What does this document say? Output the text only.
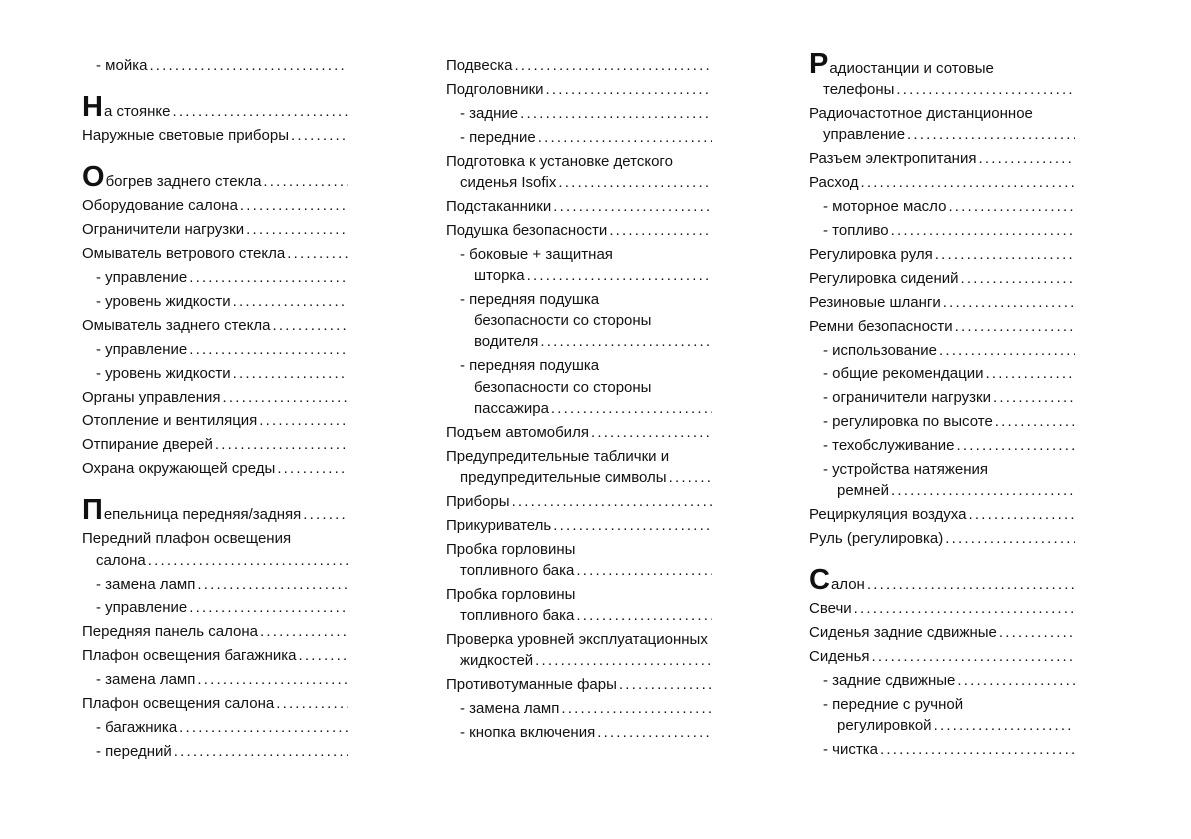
- мойка
.....
Н а стоянке
.....
Наружные световые приборы
.....
О богрев заднего стекла
.....
Оборудование салона
.....
Ограничители нагрузки
.....
Омыватель ветрового стекла
.....
- управление
.....
- уровень жидкости
.....
Омыватель заднего стекла
.....
- управление
.....
- уровень жидкости
.....
Органы управления
.....
Отопление и вентиляция
.....
Отпирание дверей
.....
Охрана окружающей среды
.....
П епельница передняя/задняя
.....
Передний плафон освещения
салона
.....
- замена ламп
.....
- управление
.....
Передняя панель салона
.....
Плафон освещения багажника
.....
- замена ламп
.....
Плафон освещения салона
.....
- багажника
.....
- передний
.....
Подвеска
.....
Подголовники
.....
- задние
.....
- передние
.....
Подготовка к установке детского
сиденья Isofix
.....
Подстаканники
.....
Подушка безопасности
.....
- боковые + защитная
шторка
.....
- передняя подушка
безопасности со стороны
водителя
.....
- передняя подушка
безопасности со стороны
пассажира
.....
Подъем автомобиля
.....
Предупредительные таблички и
предупредительные символы
.....
Приборы
.....
Прикуриватель
.....
Пробка горловины
топливного бака
.....
Пробка горловины
топливного бака
.....
Проверка уровней эксплуатационных
жидкостей
.....
Противотуманные фары
.....
- замена ламп
.....
- кнопка включения
.....
Р адиостанции и сотовые
телефоны
.....
Радиочастотное дистанционное
управление
.....
Разъем электропитания
.....
Расход
.....
- моторное масло
.....
- топливо
.....
Регулировка руля
.....
Регулировка сидений
.....
Резиновые шланги
.....
Ремни безопасности
.....
- использование
.....
- общие рекомендации
.....
- ограничители нагрузки
.....
- регулировка по высоте
.....
- техобслуживание
.....
- устройства натяжения
ремней
.....
Рециркуляция воздуха
.....
Руль (регулировка)
.....
С алон
.....
Свечи
.....
Сиденья задние сдвижные
.....
Сиденья
.....
- задние сдвижные
.....
- передние с ручной
регулировкой
.....
- чистка
.....
